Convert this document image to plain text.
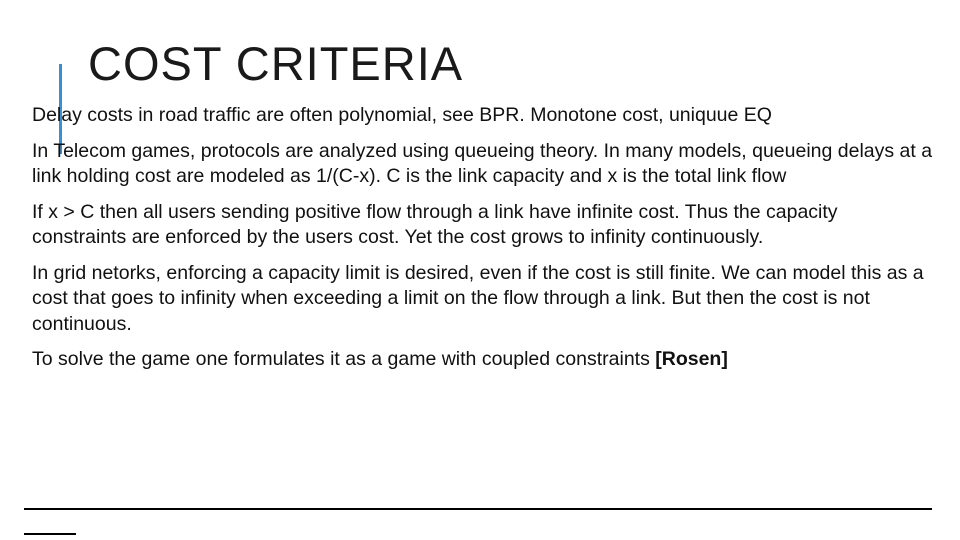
COST CRITERIA

Delay costs in road traffic are often polynomial, see BPR. Monotone cost, uniquue EQ

In Telecom games, protocols are analyzed using queueing theory. In many models, queueing delays at a link holding cost are modeled as 1/(C-x). C is the link capacity and x is the total link flow

If x > C then all users sending positive flow through a link have infinite cost. Thus the capacity constraints are enforced by the users cost. Yet the cost grows to infinity continuously.

In grid netorks, enforcing a capacity limit is desired, even if the cost is still finite. We can model this as a cost that goes to infinity when exceeding a limit on the flow through a link. But then the cost is not continuous.

To solve the game one formulates it as a game with coupled constraints [Rosen]
